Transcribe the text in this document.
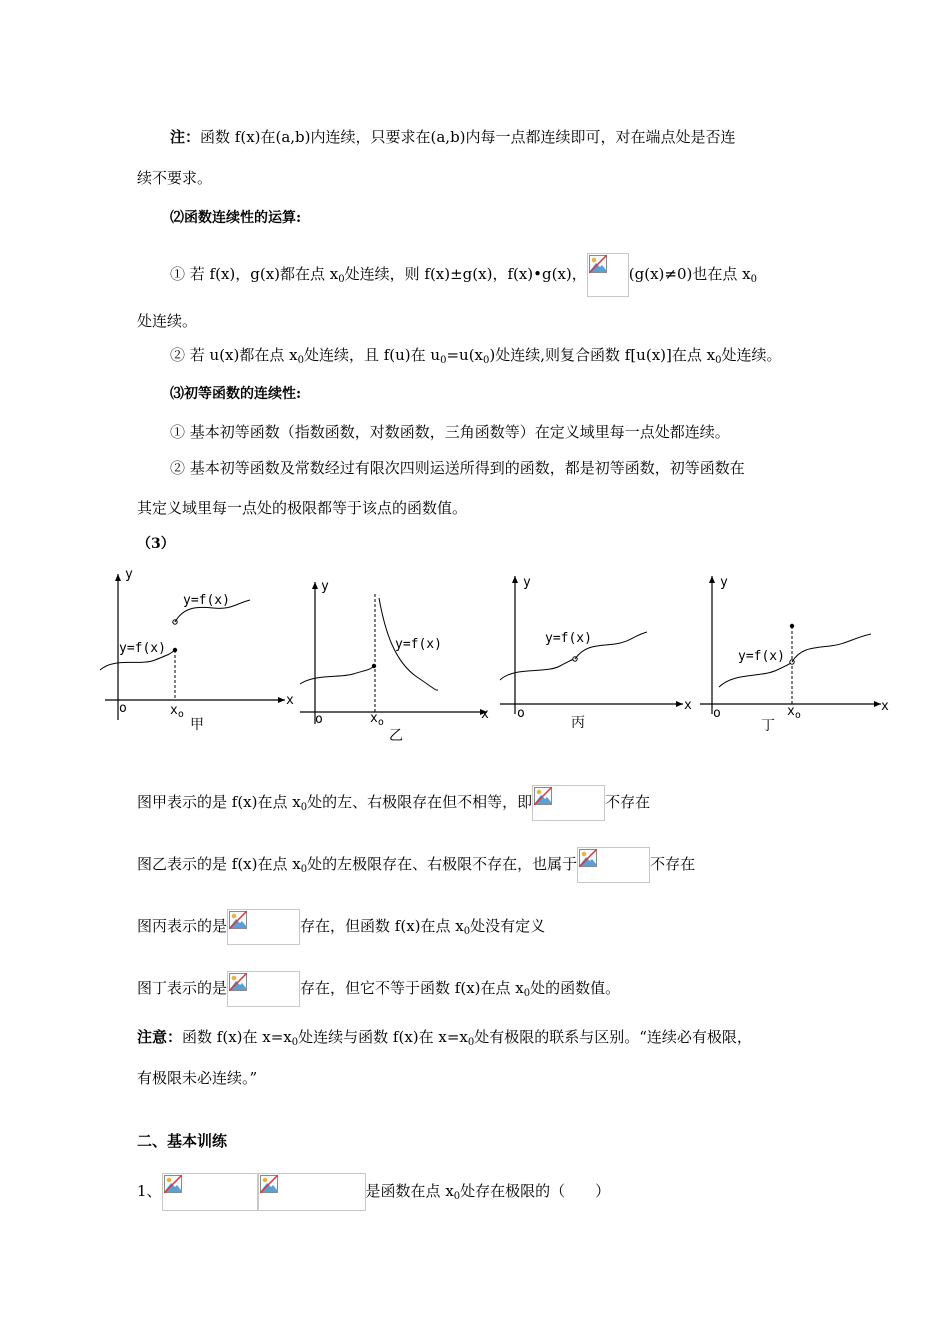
注：函数 f(x)在(a,b)内连续，只要求在(a,b)内每一点都连续即可，对在端点处是否连
续不要求。
⑵函数连续性的运算:
① 若 f(x)，g(x)都在点 $x_0$处连续，则 f(x)±g(x)，f(x)•g(x)，	(g(x)≠0)也在点 $x_0$
处连续。
② 若 u(x)都在点 $x_0$处连续，且 f(u)在 $u_0=u(x_0)$处连续,则复合函数 f[u(x)]在点 $x_0$处连续。
⑶初等函数的连续性:
① 基本初等函数（指数函数，对数函数，三角函数等）在定义域里每一点处都连续。
② 基本初等函数及常数经过有限次四则运送所得到的函数，都是初等函数，初等函数在
其定义域里每一点处的极限都等于该点的函数值。
（3）
y
x
o	$x_o$
y=f(x)
y=f(x)
甲
y
x
o	$x_o$
y=f(x)
乙
y
x
o
y=f(x)
丙
y
x
o	$x_o$
y=f(x)
丁
图甲表示的是 f(x)在点 $x_0$处的左、右极限存在但不相等，即	不存在
图乙表示的是 f(x)在点 $x_0$处的左极限存在、右极限不存在，也属于	不存在
图丙表示的是	存在，但函数 f(x)在点 $x_0$处没有定义
图丁表示的是	存在，但它不等于函数 f(x)在点 $x_0$处的函数值。
注意：函数 f(x)在 $x=x_0$处连续与函数 f(x)在 $x=x_0$处有极限的联系与区别。“连续必有极限，
有极限未必连续。”
二、基本训练
1、	是函数在点 $x_0$处存在极限的（　　）
